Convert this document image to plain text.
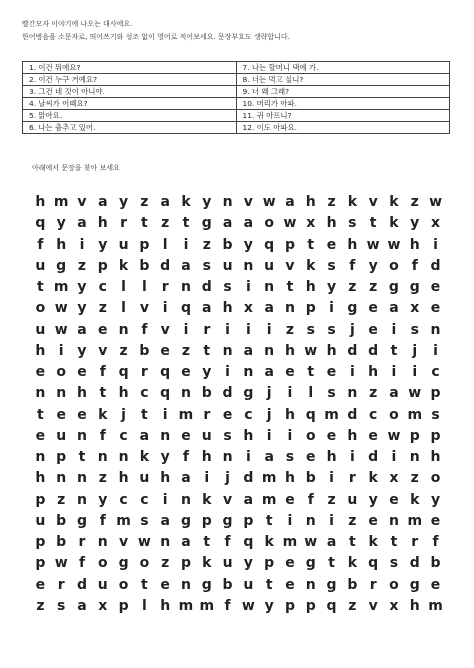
빨간모자 이야기에 나오는 대사에요.
한어병음을 소문자로, 띄어쓰기와 성조 없이 영어로 적어보세요. 문장부호도 생략합니다.
1. 이건 뭐에요?	7. 나는 할머니 댁에 가.
2. 이건 누구 거예요?	8. 너는 먹고 싶니?
3. 그건 네 것이 아니야.	9. 너 왜 그래?
4. 날씨가 어때요?	10. 머리가 아파.
5. 맑아요.	11. 귀 아프니?
6. 나는 춤추고 있어.	12. 이도 아파요.
아래에서 문장을 찾아 보세요
h m v a y z a k y n v w a h z k v k z w
q y a h r	t z t g a a o w x h s t k y x
f h i y u p l	i	z b y q p t e h w w h i
u g z p k b d a s u n u v k s f y o f d
t m y c	l	l	r n d s	i n t h y z z g g e
o w y z	l v i q a h x a n p i g e a x e
u w a e n f v i	r	i	i	i	z s s	j e i	s n
h i y v z b e z t n a n h w h d d t	j	i
e o e f q r q e y i n a e t e i h i	i	c
n n h t h c q n b d g j	i	l	s n z a w p
t e e k j	t	i m r e c	j h q m d c o m s
e u n f c a n e u s h i	i o e h e w p p
n p t n n k y f h n i a s e h i d i n h
h n n z h u h a i	j d m h b i	r k x z o
p z n y c c	i n k v a m e f z u y e k y
u b g f m s a g p g p t	i n i	z e n m e
p b r n v w n a t	f q k m w a t k t r	f
p w f o g o z p k u y p e g t k q s d b
e r d u o t e n g b u t e n g b r o g e
z s a x p l h m m f w y p p q z v x h m
